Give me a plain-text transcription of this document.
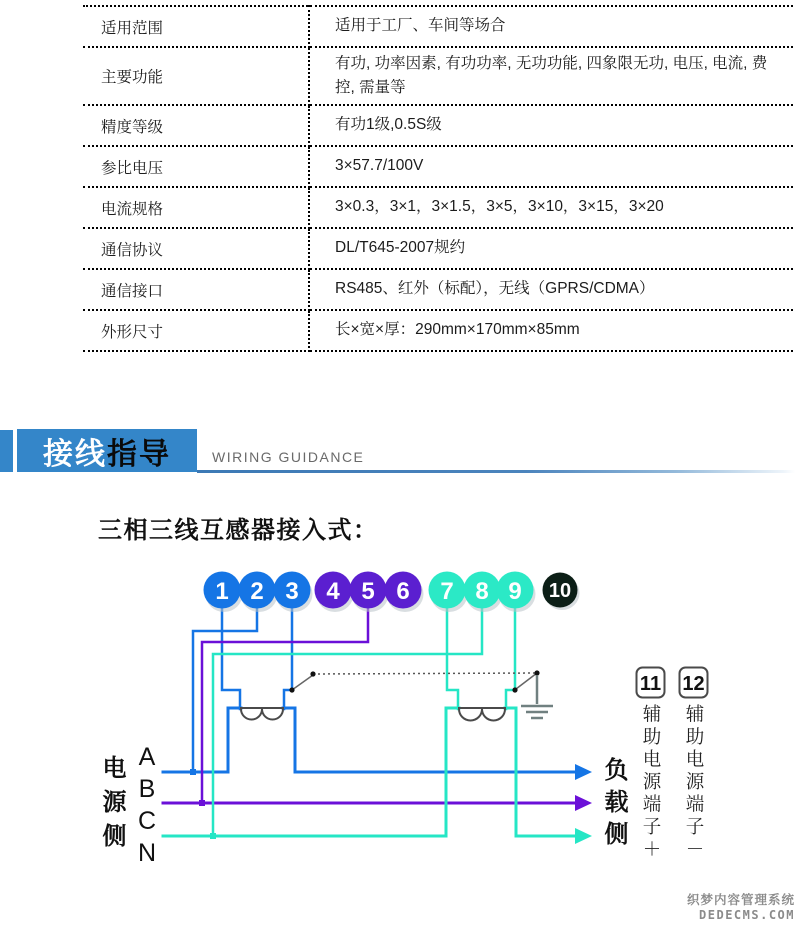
适用范围	适用于工厂、车间等场合
主要功能	有功, 功率因素, 有功功率, 无功功能, 四象限无功, 电压, 电流, 费控, 需量等
精度等级	有功1级,0.5S级
参比电压	3×57.7/100V
电流规格	3×0.3，3×1，3×1.5，3×5，3×10，3×15，3×20
通信协议	DL/T645-2007规约
通信接口	RS485、红外（标配），无线（GPRS/CDMA）
外形尺寸	长×宽×厚：290mm×170mm×85mm
接线 指导	WIRING GUIDANCE
三相三线互感器接入式：
1 2 3 4 5 6 7 8 9 10
11 12
电源侧 A
B
C
N	负载侧 辅助电源端子＋ 辅助电源端子－
织梦内容管理系统
DEDECMS.COM
